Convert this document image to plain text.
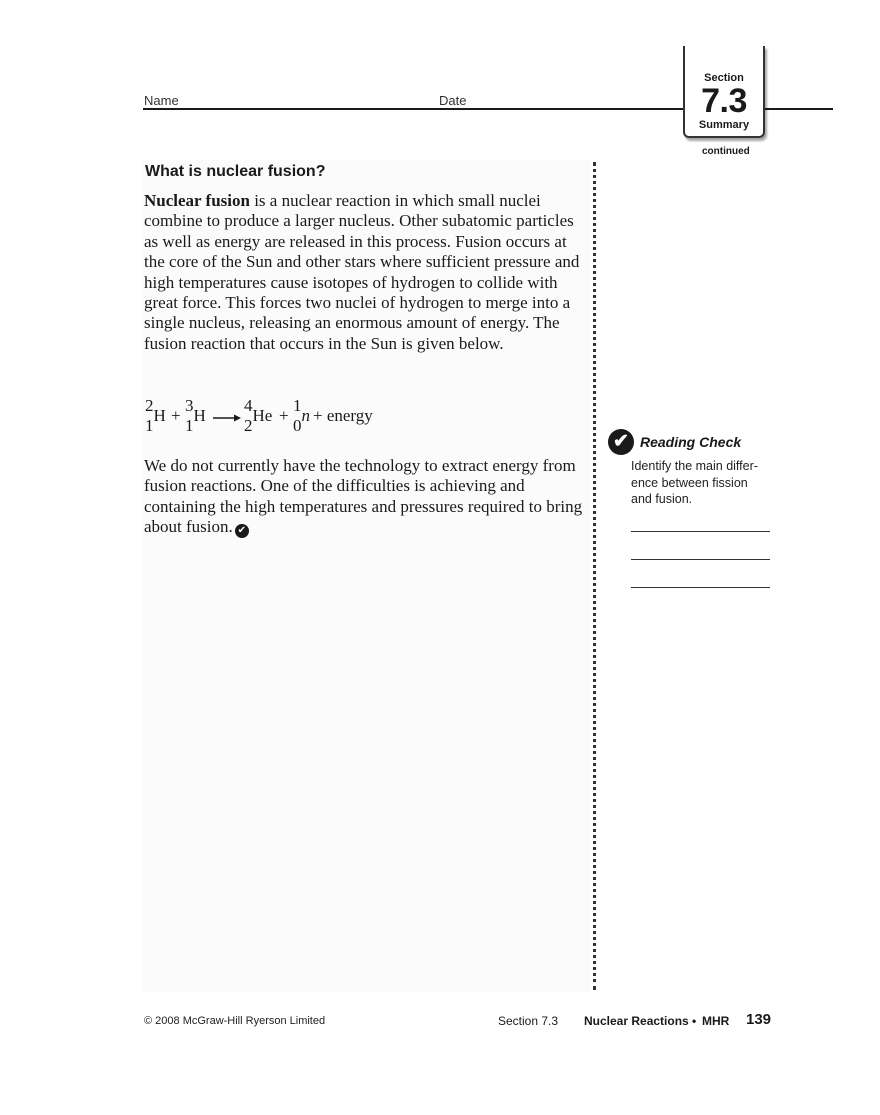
Name	Date
Section
7.3
Summary
continued
What is nuclear fusion?

Nuclear fusion is a nuclear reaction in which small nuclei combine to produce a larger nucleus. Other subatomic particles as well as energy are released in this process. Fusion occurs at the core of the Sun and other stars where sufficient pressure and high temperatures cause isotopes of hydrogen to collide with great force. This forces two nuclei of hydrogen to merge into a single nucleus, releasing an enormous amount of energy. The fusion reaction that occurs in the Sun is given below.

2
1
H +
3
1
H →
4
2
He +
1
0
n + energy

We do not currently have the technology to extract energy from fusion reactions. One of the difficulties is achieving and containing the high temperatures and pressures required to bring about fusion. ✔

✔ Reading Check

Identify the main differ-ence between fission and fusion.

© 2008 McGraw-Hill Ryerson Limited	Section 7.3 Nuclear Reactions • MHR 139
